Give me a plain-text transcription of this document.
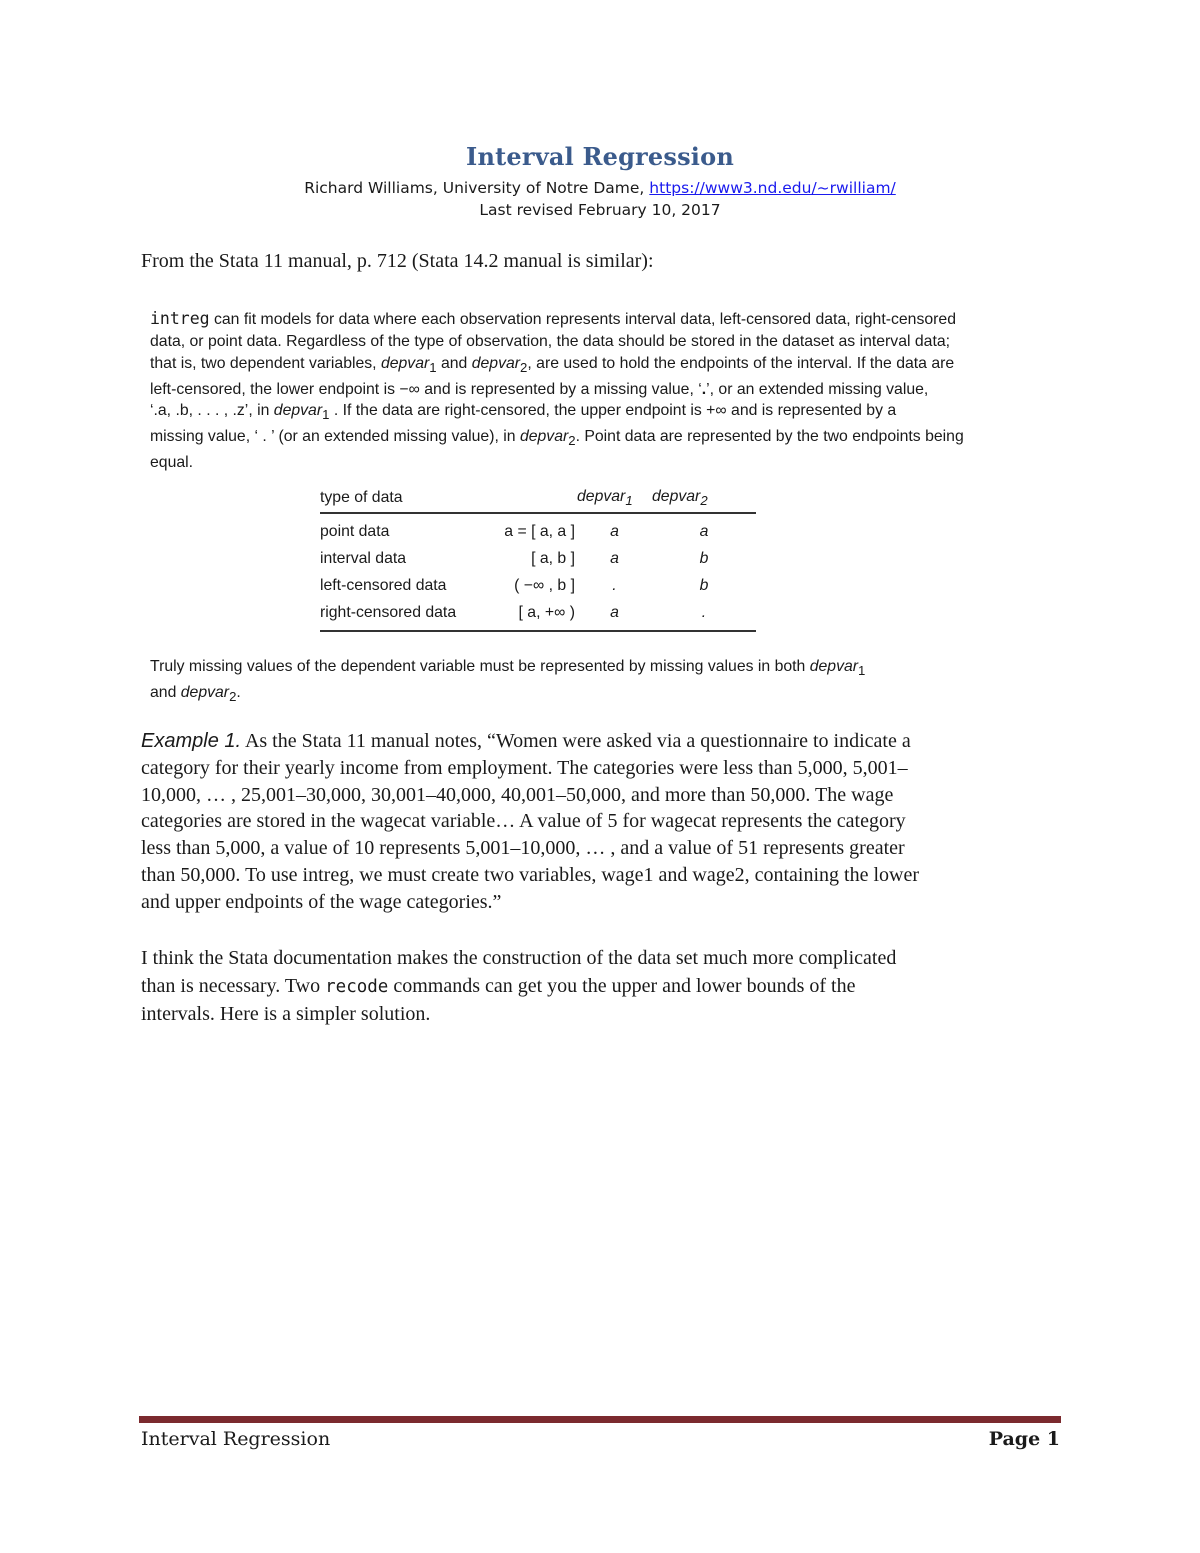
Interval Regression
Richard Williams, University of Notre Dame, https://www3.nd.edu/~rwilliam/
Last revised February 10, 2017
From the Stata 11 manual, p. 712 (Stata 14.2 manual is similar):
intreg can fit models for data where each observation represents interval data, left-censored data, right-censored
data, or point data. Regardless of the type of observation, the data should be stored in the dataset as interval data;
that is, two dependent variables, depvar$_1$ and depvar$_2$, are used to hold the endpoints of the interval. If the data are
left-censored, the lower endpoint is −∞ and is represented by a missing value, ‘.’, or an extended missing value,
‘.a, .b, . . . , .z’, in depvar$_1$ . If the data are right-censored, the upper endpoint is +∞ and is represented by a
missing value, ‘ . ’ (or an extended missing value), in depvar$_2$. Point data are represented by the two endpoints being
equal.
type of data		depvar$_1$	depvar$_2$
point data	a = [ a, a ]	a	a
interval data	[ a, b ]	a	b
left-censored data	( −∞ , b ]	.	b
right-censored data	[ a, +∞ )	a	.
Truly missing values of the dependent variable must be represented by missing values in both depvar$_1$
and depvar$_2$.
Example 1. As the Stata 11 manual notes, “Women were asked via a questionnaire to indicate a
category for their yearly income from employment. The categories were less than 5,000, 5,001–
10,000, … , 25,001–30,000, 30,001–40,000, 40,001–50,000, and more than 50,000. The wage
categories are stored in the wagecat variable… A value of 5 for wagecat represents the category
less than 5,000, a value of 10 represents 5,001–10,000, … , and a value of 51 represents greater
than 50,000. To use intreg, we must create two variables, wage1 and wage2, containing the lower
and upper endpoints of the wage categories.”
I think the Stata documentation makes the construction of the data set much more complicated
than is necessary. Two recode commands can get you the upper and lower bounds of the
intervals. Here is a simpler solution.
Interval Regression	Page 1
